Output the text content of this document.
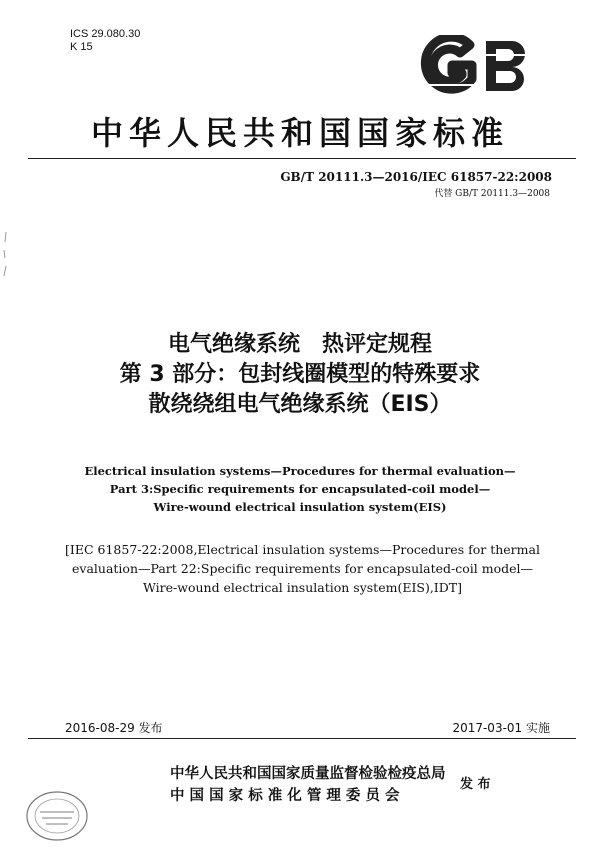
ICS 29.080.30
K 15
中华人民共和国国家标准
GB/T 20111.3—2016/IEC 61857-22:2008
代替 GB/T 20111.3—2008
电气绝缘系统　热评定规程
第 3 部分：包封线圈模型的特殊要求
散绕绕组电气绝缘系统（EIS）
Electrical insulation systems—Procedures for thermal evaluation—
Part 3:Specific requirements for encapsulated-coil model—
Wire-wound electrical insulation system(EIS)
[IEC 61857-22:2008,Electrical insulation systems—Procedures for thermal
evaluation—Part 22:Specific requirements for encapsulated-coil model—
Wire-wound electrical insulation system(EIS),IDT]
2016-08-29 发布	2017-03-01 实施
中华人民共和国国家质量监督检验检疫总局
中 国 国 家 标 准 化 管 理 委 员 会
发 布
